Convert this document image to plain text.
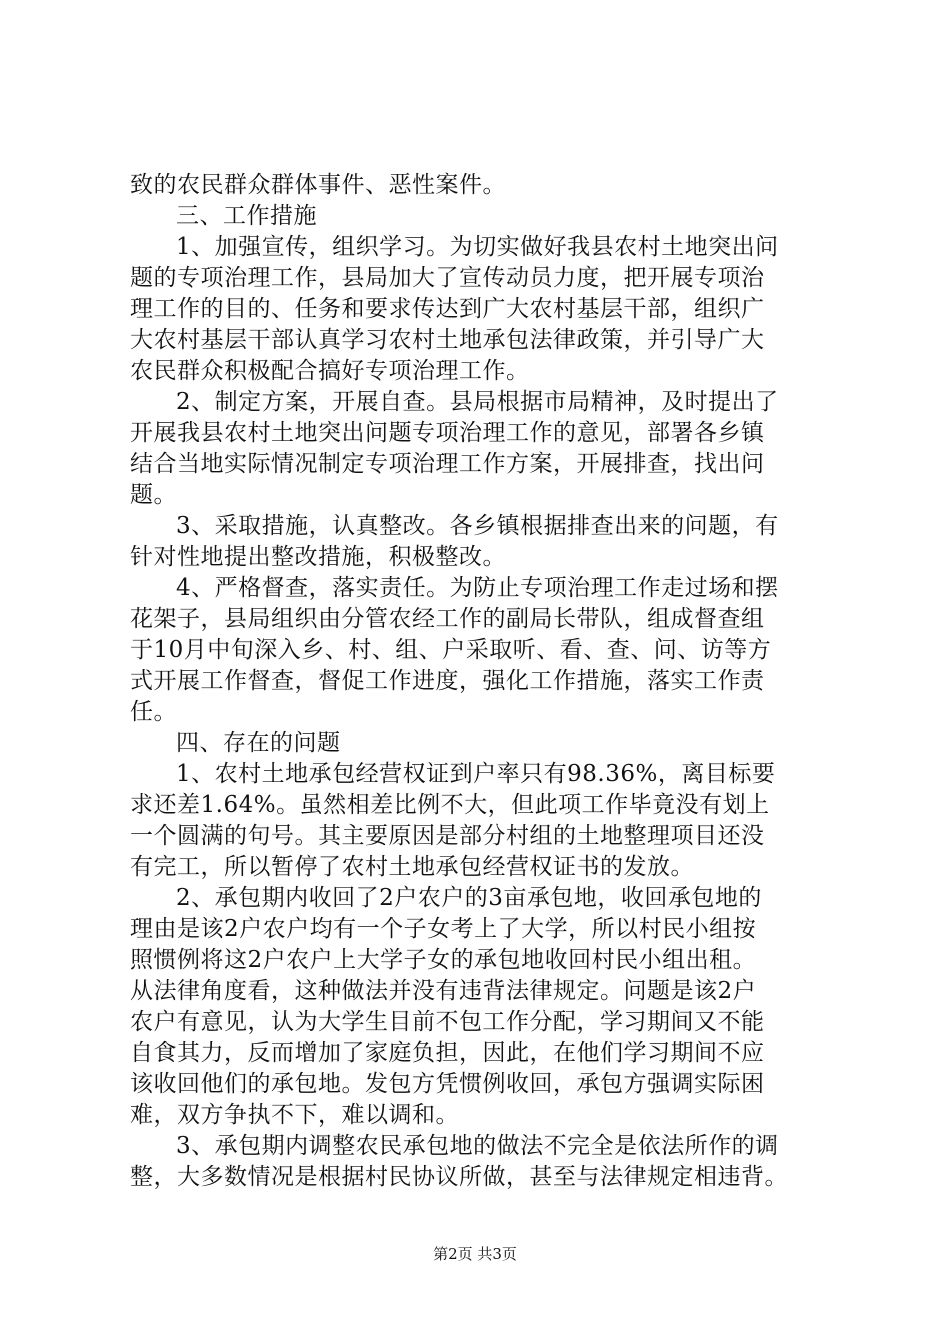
致的农民群众群体事件、恶性案件。
三、工作措施
1、加强宣传，组织学习。为切实做好我县农村土地突出问
题的专项治理工作，县局加大了宣传动员力度，把开展专项治
理工作的目的、任务和要求传达到广大农村基层干部，组织广
大农村基层干部认真学习农村土地承包法律政策，并引导广大
农民群众积极配合搞好专项治理工作。
2、制定方案，开展自查。县局根据市局精神，及时提出了
开展我县农村土地突出问题专项治理工作的意见，部署各乡镇
结合当地实际情况制定专项治理工作方案，开展排查，找出问
题。
3、采取措施，认真整改。各乡镇根据排查出来的问题，有
针对性地提出整改措施，积极整改。
4、严格督查，落实责任。为防止专项治理工作走过场和摆
花架子，县局组织由分管农经工作的副局长带队，组成督查组
于10月中旬深入乡、村、组、户采取听、看、查、问、访等方
式开展工作督查，督促工作进度，强化工作措施，落实工作责
任。
四、存在的问题
1、农村土地承包经营权证到户率只有98.36%，离目标要
求还差1.64%。虽然相差比例不大，但此项工作毕竟没有划上
一个圆满的句号。其主要原因是部分村组的土地整理项目还没
有完工，所以暂停了农村土地承包经营权证书的发放。
2、承包期内收回了2户农户的3亩承包地，收回承包地的
理由是该2户农户均有一个子女考上了大学，所以村民小组按
照惯例将这2户农户上大学子女的承包地收回村民小组出租。
从法律角度看，这种做法并没有违背法律规定。问题是该2户
农户有意见，认为大学生目前不包工作分配，学习期间又不能
自食其力，反而增加了家庭负担，因此，在他们学习期间不应
该收回他们的承包地。发包方凭惯例收回，承包方强调实际困
难，双方争执不下，难以调和。
3、承包期内调整农民承包地的做法不完全是依法所作的调
整，大多数情况是根据村民协议所做，甚至与法律规定相违背。
第2页 共3页
